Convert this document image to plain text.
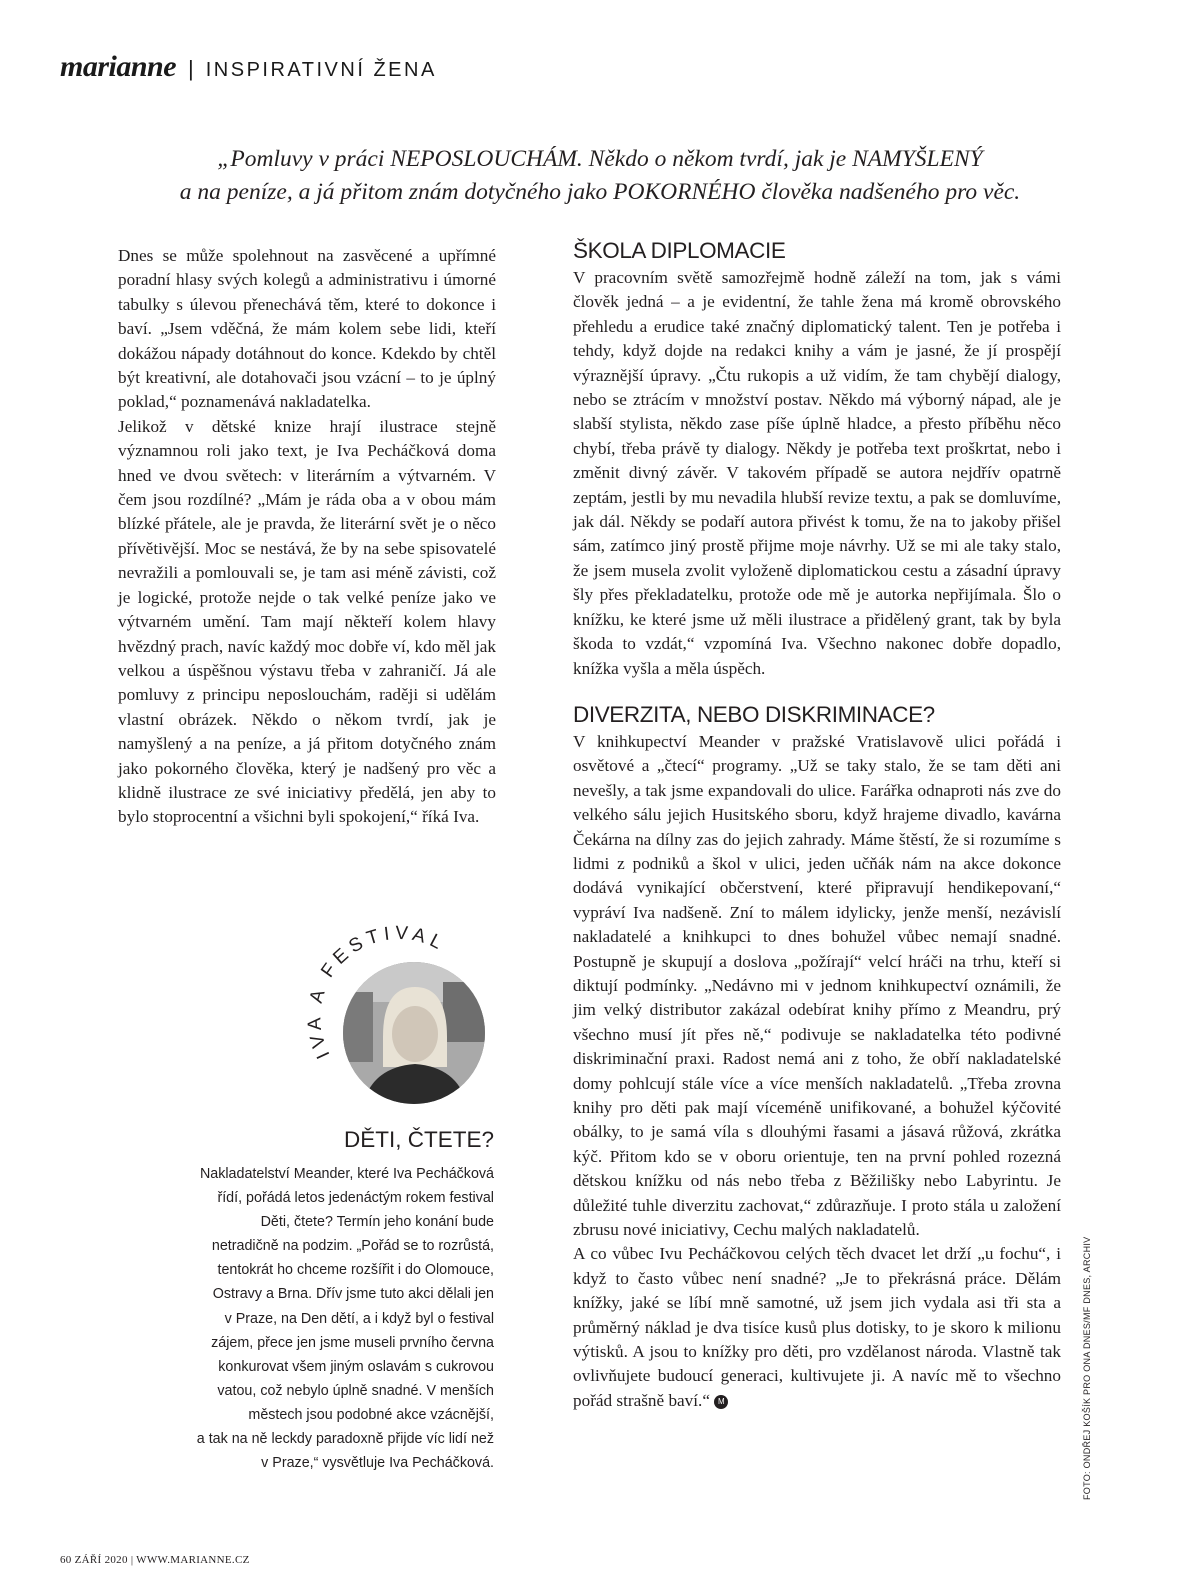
marianne | INSPIRATIVNÍ ŽENA

„Pomluvy v práci NEPOSLOUCHÁM. Někdo o někom tvrdí, jak je NAMYŠLENÝ

a na peníze, a já přitom znám dotyčného jako POKORNÉHO člověka nadšeného pro věc.

Dnes se může spolehnout na zasvěcené a upřímné poradní hlasy svých kolegů a administrativu i úmorné tabulky s úlevou přenechává těm, které to dokonce i baví. „Jsem vděčná, že mám kolem sebe lidi, kteří dokážou nápady dotáhnout do konce. Kdekdo by chtěl být kreativní, ale dotahovači jsou vzácní – to je úplný poklad,“ poznamenává nakladatelka.

Jelikož v dětské knize hrají ilustrace stejně významnou roli jako text, je Iva Pecháčková doma hned ve dvou světech: v literárním a výtvarném. V čem jsou rozdílné? „Mám je ráda oba a v obou mám blízké přátele, ale je pravda, že literární svět je o něco přívětivější. Moc se nestává, že by na sebe spisovatelé nevražili a pomlouvali se, je tam asi méně závisti, což je logické, protože nejde o tak velké peníze jako ve výtvarném umění. Tam mají někteří kolem hlavy hvězdný prach, navíc každý moc dobře ví, kdo měl jak velkou a úspěšnou výstavu třeba v zahraničí. Já ale pomluvy z principu neposlouchám, raději si udělám vlastní obrázek. Někdo o někom tvrdí, jak je namyšlený a na peníze, a já přitom dotyčného znám jako pokorného člověka, který je nadšený pro věc a klidně ilustrace ze své iniciativy předělá, jen aby to bylo stoprocentní a všichni byli spokojení,“ říká Iva.

ŠKOLA DIPLOMACIE

V pracovním světě samozřejmě hodně záleží na tom, jak s vámi člověk jedná – a je evidentní, že tahle žena má kromě obrovského přehledu a erudice také značný diplomatický talent. Ten je potřeba i tehdy, když dojde na redakci knihy a vám je jasné, že jí prospějí výraznější úpravy. „Čtu rukopis a už vidím, že tam chybějí dialogy, nebo se ztrácím v množství postav. Někdo má výborný nápad, ale je slabší stylista, někdo zase píše úplně hladce, a přesto příběhu něco chybí, třeba právě ty dialogy. Někdy je potřeba text proškrtat, nebo i změnit divný závěr. V takovém případě se autora nejdřív opatrně zeptám, jestli by mu nevadila hlubší revize textu, a pak se domluvíme, jak dál. Někdy se podaří autora přivést k tomu, že na to jakoby přišel sám, zatímco jiný prostě přijme moje návrhy. Už se mi ale taky stalo, že jsem musela zvolit vyloženě diplomatickou cestu a zásadní úpravy šly přes překladatelku, protože ode mě je autorka nepřijímala. Šlo o knížku, ke které jsme už měli ilustrace a přidělený grant, tak by byla škoda to vzdát,“ vzpomíná Iva. Všechno nakonec dobře dopadlo, knížka vyšla a měla úspěch.

DIVERZITA, NEBO DISKRIMINACE?

V knihkupectví Meander v pražské Vratislavově ulici pořádá i osvětové a „čtecí“ programy. „Už se taky stalo, že se tam děti ani nevešly, a tak jsme expandovali do ulice. Farářka odnaproti nás zve do velkého sálu jejich Husitského sboru, když hrajeme divadlo, kavárna Čekárna na dílny zas do jejich zahrady. Máme štěstí, že si rozumíme s lidmi z podniků a škol v ulici, jeden učňák nám na akce dokonce dodává vynikající občerstvení, které připravují hendikepovaní,“ vypráví Iva nadšeně. Zní to málem idylicky, jenže menší, nezávislí nakladatelé a knihkupci to dnes bohužel vůbec nemají snadné. Postupně je skupují a doslova „požírají“ velcí hráči na trhu, kteří si diktují podmínky. „Nedávno mi v jednom knihkupectví oznámili, že jim velký distributor zakázal odebírat knihy přímo z Meandru, prý všechno musí jít přes ně,“ podivuje se nakladatelka této podivné diskriminační praxi. Radost nemá ani z toho, že obří nakladatelské domy pohlcují stále více a více menších nakladatelů. „Třeba zrovna knihy pro děti pak mají víceméně unifikované, a bohužel kýčovité obálky, to je samá víla s dlouhými řasami a jásavá růžová, zkrátka kýč. Přitom kdo se v oboru orientuje, ten na první pohled rozezná dětskou knížku od nás nebo třeba z Běžilišky nebo Labyrintu. Je důležité tuhle diverzitu zachovat,“ zdůrazňuje. I proto stála u založení zbrusu nové iniciativy, Cechu malých nakladatelů.

A co vůbec Ivu Pecháčkovou celých těch dvacet let drží „u fochu“, i když to často vůbec není snadné? „Je to překrásná práce. Dělám knížky, jaké se líbí mně samotné, už jsem jich vydala asi tři sta a průměrný náklad je dva tisíce kusů plus dotisky, to je skoro k milionu výtisků. A jsou to knížky pro děti, pro vzdělanost národa. Vlastně tak ovlivňujete budoucí generaci, kultivujete ji. A navíc mě to všechno pořád strašně baví.“ M

IVA A FESTIVAL
DĚTI, ČTETE?
Nakladatelství Meander, které Iva Pecháčková
řídí, pořádá letos jedenáctým rokem festival
Děti, čtete? Termín jeho konání bude
netradičně na podzim. „Pořád se to rozrůstá,
tentokrát ho chceme rozšířit i do Olomouce,
Ostravy a Brna. Dřív jsme tuto akci dělali jen
v Praze, na Den dětí, a i když byl o festival
zájem, přece jen jsme museli prvního června
konkurovat všem jiným oslavám s cukrovou
vatou, což nebylo úplně snadné. V menších
městech jsou podobné akce vzácnější,
a tak na ně leckdy paradoxně přijde víc lidí než
v Praze,“ vysvětluje Iva Pecháčková.
60 ZÁŘÍ 2020 | WWW.MARIANNE.CZ
FOTO: ONDŘEJ KOŠÍK PRO ONA DNES/MF DNES, ARCHIV
